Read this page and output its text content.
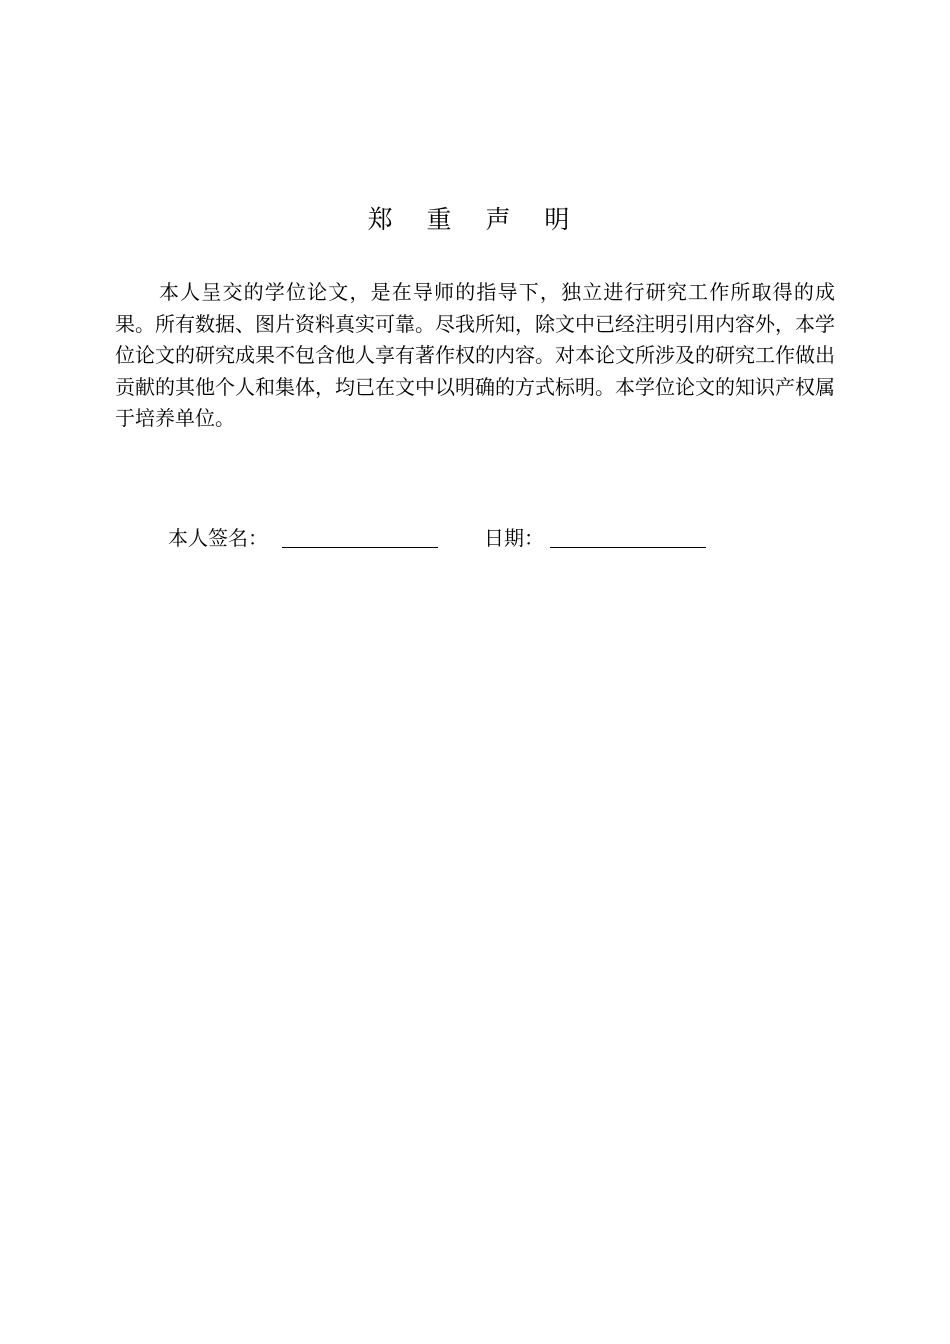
郑 重 声 明

本人呈交的学位论文，是在导师的指导下，独立进行研究工作所取得的成果。所有数据、图片资料真实可靠。尽我所知，除文中已经注明引用内容外，本学位论文的研究成果不包含他人享有著作权的内容。对本论文所涉及的研究工作做出贡献的其他个人和集体，均已在文中以明确的方式标明。本学位论文的知识产权属于培养单位。

本人签名：	日期：
